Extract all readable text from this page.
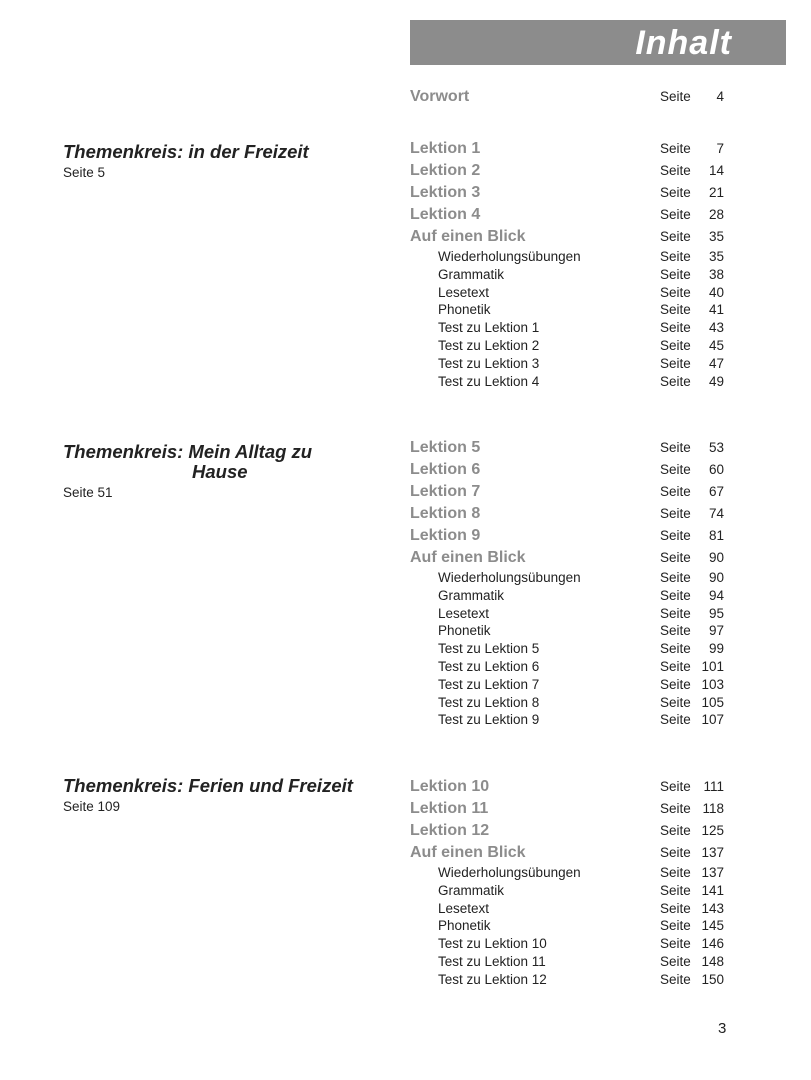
Inhalt
Vorwort	Seite 4
Themenkreis: in der Freizeit
Seite 5
Lektion 1	Seite 7
Lektion 2	Seite 14
Lektion 3	Seite 21
Lektion 4	Seite 28
Auf einen Blick	Seite 35
Wiederholungsübungen	Seite 35
Grammatik	Seite 38
Lesetext	Seite 40
Phonetik	Seite 41
Test zu Lektion 1	Seite 43
Test zu Lektion 2	Seite 45
Test zu Lektion 3	Seite 47
Test zu Lektion 4	Seite 49
Themenkreis: Mein Alltag zu
Hause
Seite 51
Lektion 5	Seite 53
Lektion 6	Seite 60
Lektion 7	Seite 67
Lektion 8	Seite 74
Lektion 9	Seite 81
Auf einen Blick	Seite 90
Wiederholungsübungen	Seite 90
Grammatik	Seite 94
Lesetext	Seite 95
Phonetik	Seite 97
Test zu Lektion 5	Seite 99
Test zu Lektion 6	Seite 101
Test zu Lektion 7	Seite 103
Test zu Lektion 8	Seite 105
Test zu Lektion 9	Seite 107
Themenkreis: Ferien und Freizeit
Seite 109
Lektion 10	Seite 111
Lektion 11	Seite 118
Lektion 12	Seite 125
Auf einen Blick	Seite 137
Wiederholungsübungen	Seite 137
Grammatik	Seite 141
Lesetext	Seite 143
Phonetik	Seite 145
Test zu Lektion 10	Seite 146
Test zu Lektion 11	Seite 148
Test zu Lektion 12	Seite 150
3
